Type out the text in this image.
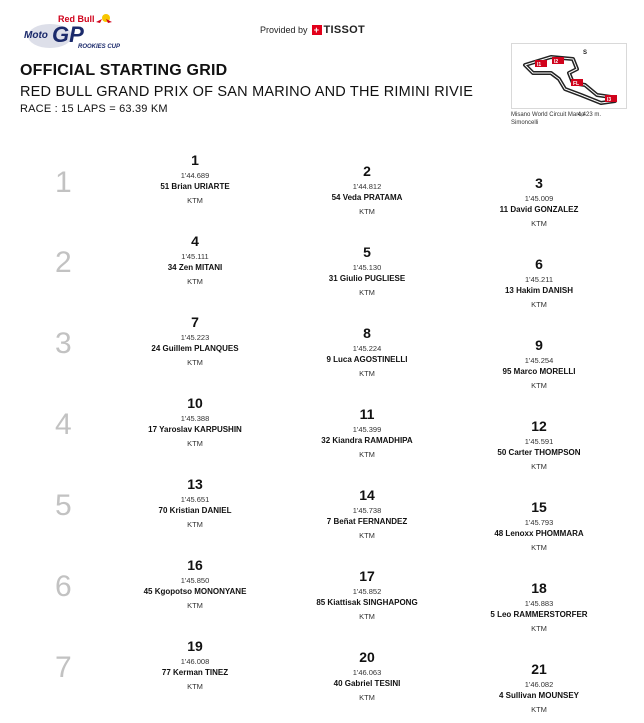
Red Bull
Moto GP
ROOKIES CUP
Provided by + TISSOT
OFFICIAL STARTING GRID
RED BULL GRAND PRIX OF SAN MARINO AND THE RIMINI RIVIE
RACE : 15 LAPS = 63.39 KM
I1	I2
FL
I3
S
Misano World Circuit Marco Simoncelli
4,423 m.
1
2
3
4
5
6
7
1
1'44.689
51 Brian URIARTE
KTM
2
1'44.812
54 Veda PRATAMA
KTM
3
1'45.009
11 David GONZALEZ
KTM
4
1'45.111
34 Zen MITANI
KTM
5
1'45.130
31 Giulio PUGLIESE
KTM
6
1'45.211
13 Hakim DANISH
KTM
7
1'45.223
24 Guillem PLANQUES
KTM
8
1'45.224
9 Luca AGOSTINELLI
KTM
9
1'45.254
95 Marco MORELLI
KTM
10
1'45.388
17 Yaroslav KARPUSHIN
KTM
11
1'45.399
32 Kiandra RAMADHIPA
KTM
12
1'45.591
50 Carter THOMPSON
KTM
13
1'45.651
70 Kristian DANIEL
KTM
14
1'45.738
7 Beñat FERNANDEZ
KTM
15
1'45.793
48 Lenoxx PHOMMARA
KTM
16
1'45.850
45 Kgopotso MONONYANE
KTM
17
1'45.852
85 Kiattisak SINGHAPONG
KTM
18
1'45.883
5 Leo RAMMERSTORFER
KTM
19
1'46.008
77 Kerman TINEZ
KTM
20
1'46.063
40 Gabriel TESINI
KTM
21
1'46.082
4 Sullivan MOUNSEY
KTM
